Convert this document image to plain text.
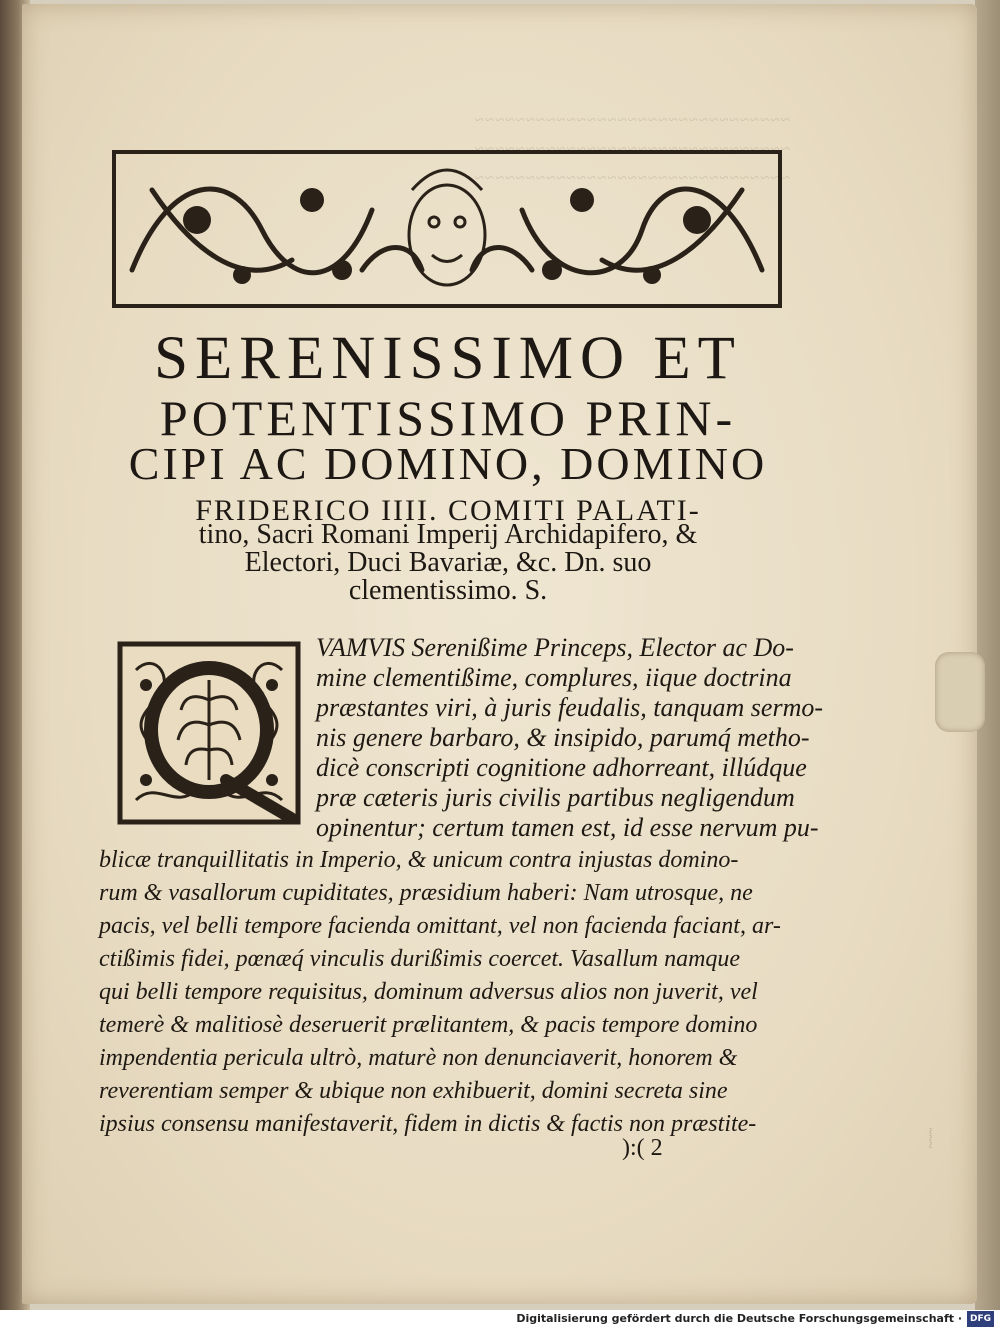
~~~~~~~~~~~~~~~~~~~~~~~~~~~~~~~
~~~~~~~~~~~~~~~~~~~~~~~~~~~~~~~
~~~~~~~~~~~~~~~~~~~~~~~~~~~~~~~
SERENISSIMO ET
POTENTISSIMO PRIN-
CIPI AC DOMINO, DOMINO
FRIDERICO IIII. COMITI PALATI-
tino, Sacri Romani Imperij Archidapifero, &
Electori, Duci Bavariæ, &c. Dn. suo
clementissimo. S.
VAMVIS Serenißime Princeps, Elector ac Do-
mine clementißime, complures, iique doctrina
præstantes viri, à juris feudalis, tanquam sermo-
nis genere barbaro, & insipido, parumq́ metho-
dicè conscripti cognitione adhorreant, illúdque
præ cæteris juris civilis partibus negligendum
opinentur; certum tamen est, id esse nervum pu-
blicæ tranquillitatis in Imperio, & unicum contra injustas domino-
rum & vasallorum cupiditates, præsidium haberi: Nam utrosque, ne
pacis, vel belli tempore facienda omittant, vel non facienda faciant, ar-
ctißimis fidei, pœnæq́ vinculis durißimis coercet. Vasallum namque
qui belli tempore requisitus, dominum adversus alios non juverit, vel
temerè & malitiosè deseruerit prælitantem, & pacis tempore domino
impendentia pericula ultrò, maturè non denunciaverit, honorem &
reverentiam semper & ubique non exhibuerit, domini secreta sine
ipsius consensu manifestaverit, fidem in dictis & factis non præstite-
):( 2	~~~
Digitalisierung gefördert durch die Deutsche Forschungsgemeinschaft · DFG
